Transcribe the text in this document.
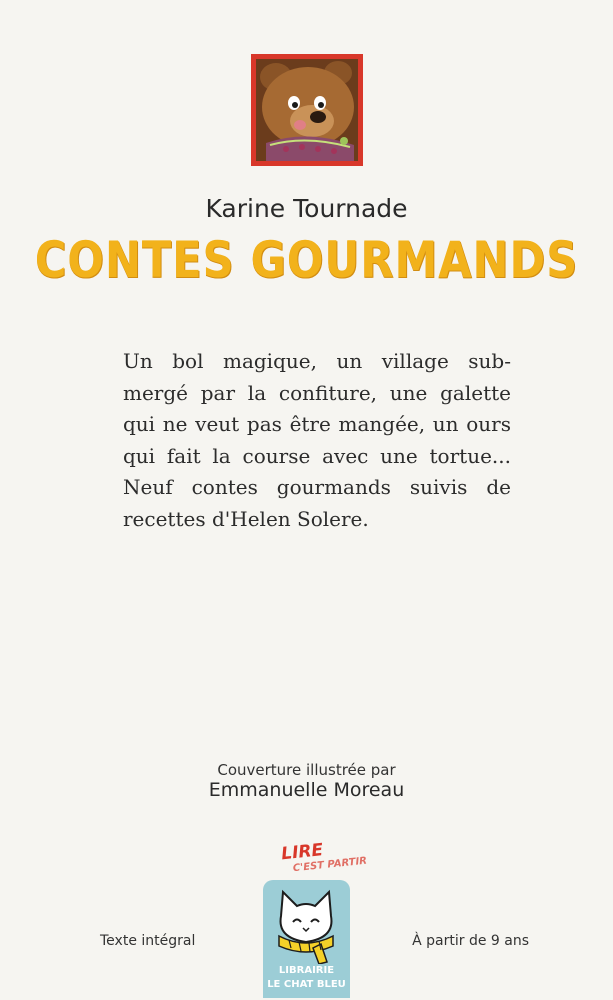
Karine Tournade
CONTES GOURMANDS
Un bol magique, un village sub-
mergé par la confiture, une galette
qui ne veut pas être mangée, un ours
qui fait la course avec une tortue...
Neuf contes gourmands suivis de
recettes d'Helen Solere.
Couverture illustrée par
Emmanuelle Moreau
LIRE
C'EST PARTIR
LIBRAIRIE
LE CHAT BLEU
Texte intégral	À partir de 9 ans
